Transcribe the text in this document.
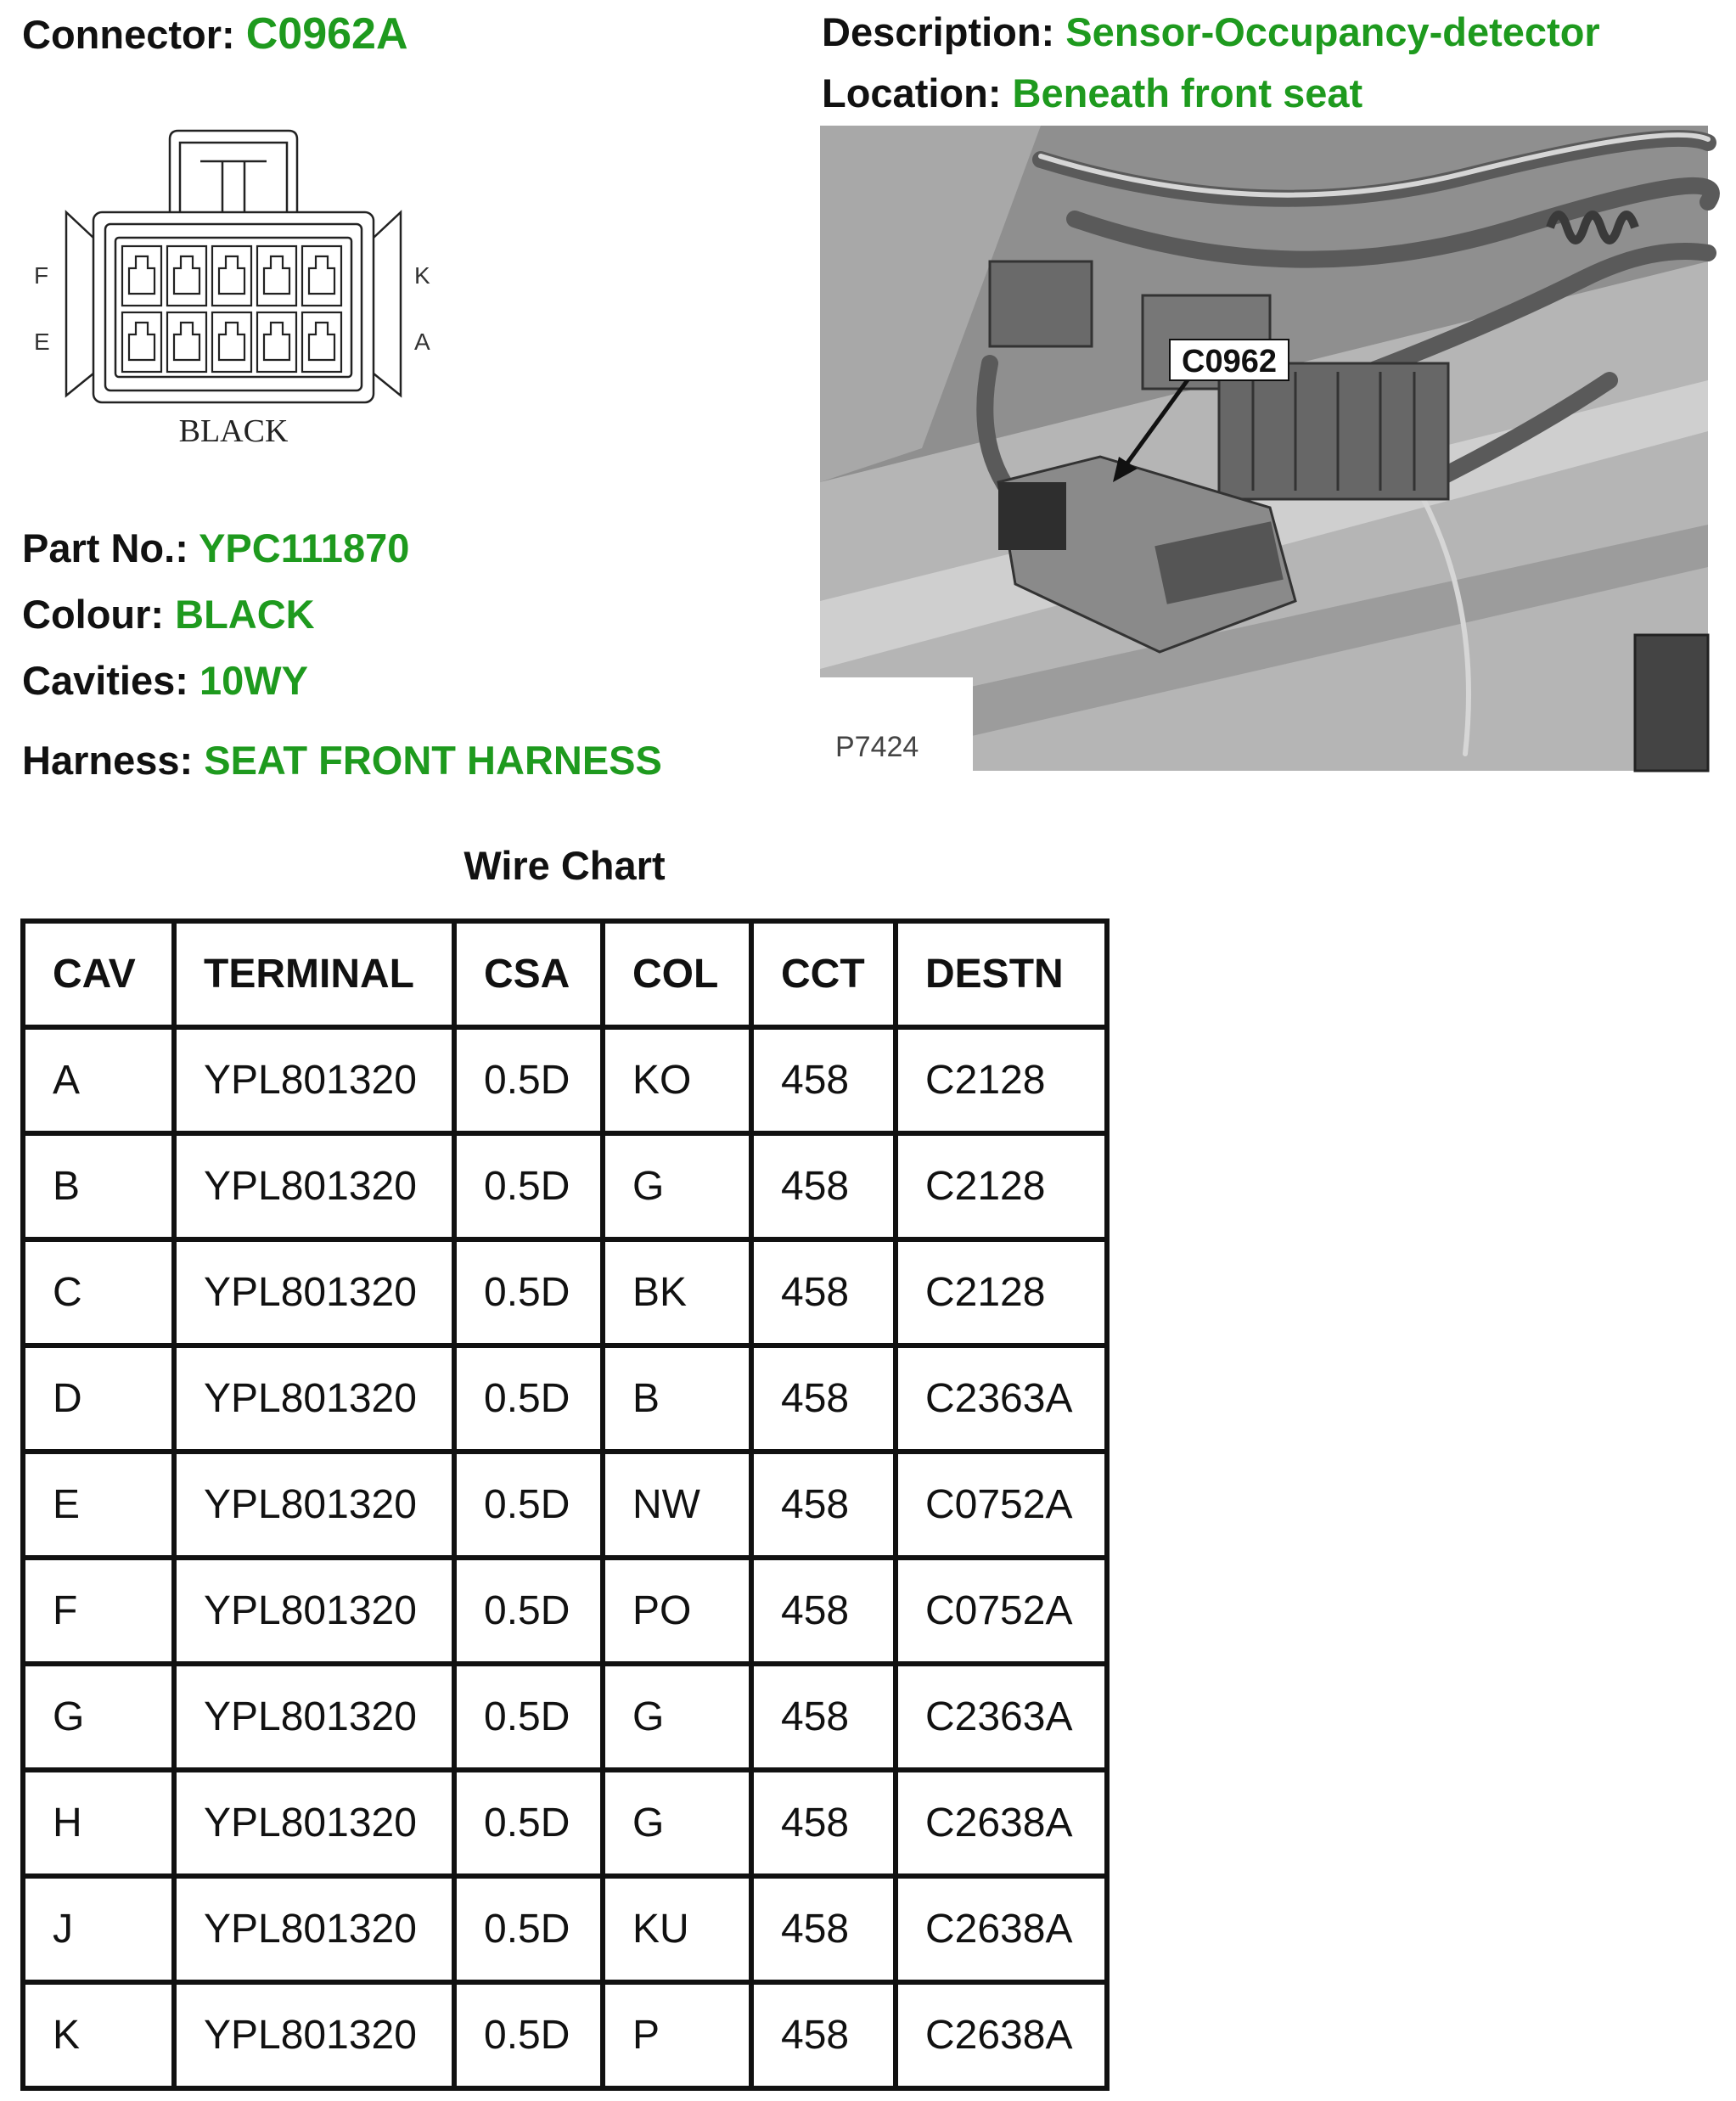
Connector: C0962A	Description: Sensor-Occupancy-detector
Location: Beneath front seat
F
E
K
A
BLACK
C0962
P7424
Part No.: YPC111870
Colour: BLACK
Cavities: 10WY
Harness: SEAT FRONT HARNESS
Wire Chart
CAV	TERMINAL	CSA	COL	CCT	DESTN
A	YPL801320	0.5D	KO	458	C2128
B	YPL801320	0.5D	G	458	C2128
C	YPL801320	0.5D	BK	458	C2128
D	YPL801320	0.5D	B	458	C2363A
E	YPL801320	0.5D	NW	458	C0752A
F	YPL801320	0.5D	PO	458	C0752A
G	YPL801320	0.5D	G	458	C2363A
H	YPL801320	0.5D	G	458	C2638A
J	YPL801320	0.5D	KU	458	C2638A
K	YPL801320	0.5D	P	458	C2638A
